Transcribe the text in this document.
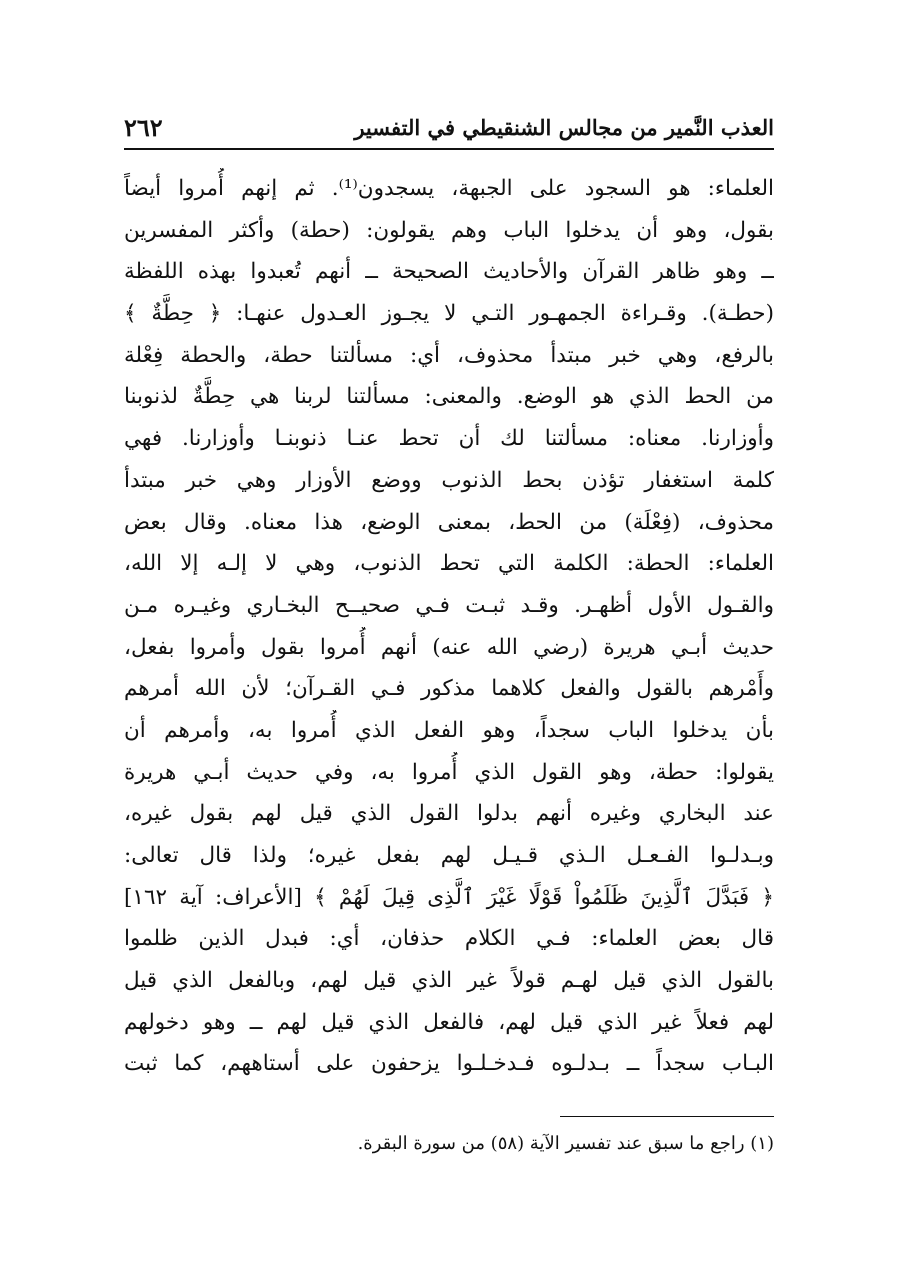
العذب النَّمير من مجالس الشنقيطي في التفسير
٢٦٢
العلماء: هو السجود على الجبهة، يسجدون⁽¹⁾. ثم إنهم أُمروا أيضاً
بقول، وهو أن يدخلوا الباب وهم يقولون: (حطة) وأكثر المفسرين
ــ وهو ظاهر القرآن والأحاديث الصحيحة ــ أنهم تُعبدوا بهذه اللفظة
(حطـة). وقـراءة الجمهـور التـي لا يجـوز العـدول عنهـا: ﴿ حِطَّةٌ ﴾
بالرفع، وهي خبر مبتدأ محذوف، أي: مسألتنا حطة، والحطة فِعْلة
من الحط الذي هو الوضع. والمعنى: مسألتنا لربنا هي حِطَّةٌ لذنوبنا
وأوزارنا. معناه: مسألتنا لك أن تحط عنـا ذنوبنـا وأوزارنا. فهي
كلمة استغفار تؤذن بحط الذنوب ووضع الأوزار وهي خبر مبتدأ
محذوف، (فِعْلَة) من الحط، بمعنى الوضع، هذا معناه. وقال بعض
العلماء: الحطة: الكلمة التي تحط الذنوب، وهي لا إلـه إلا الله،
والقـول الأول أظهـر. وقـد ثبـت فـي صحيــح البخـاري وغيـره مـن
حديث أبـي هريرة (رضي الله عنه) أنهم أُمروا بقول وأمروا بفعل،
وأَمْرهم بالقول والفعل كلاهما مذكور فـي القـرآن؛ لأن الله أمرهم
بأن يدخلوا الباب سجداً، وهو الفعل الذي أُمروا به، وأمرهم أن
يقولوا: حطة، وهو القول الذي أُمروا به، وفي حديث أبـي هريرة
عند البخاري وغيره أنهم بدلوا القول الذي قيل لهم بقول غيره،
وبـدلـوا الفـعـل الـذي قـيـل لهم بفعل غيره؛ ولذا قال تعالى:
﴿ فَبَدَّلَ ٱلَّذِينَ ظَلَمُواْ قَوْلًا غَيْرَ ٱلَّذِى قِيلَ لَهُمْ ﴾ [الأعراف: آية ١٦٢]
قال بعض العلماء: فـي الكلام حذفان، أي: فبدل الذين ظلموا
بالقول الذي قيل لهـم قولاً غير الذي قيل لهم، وبالفعل الذي قيل
لهم فعلاً غير الذي قيل لهم، فالفعل الذي قيل لهم ــ وهو دخولهم
البـاب سجداً ــ بـدلـوه فـدخـلـوا يزحفون على أستاههم، كما ثبت
(١) راجع ما سبق عند تفسير الآية (٥٨) من سورة البقرة.
